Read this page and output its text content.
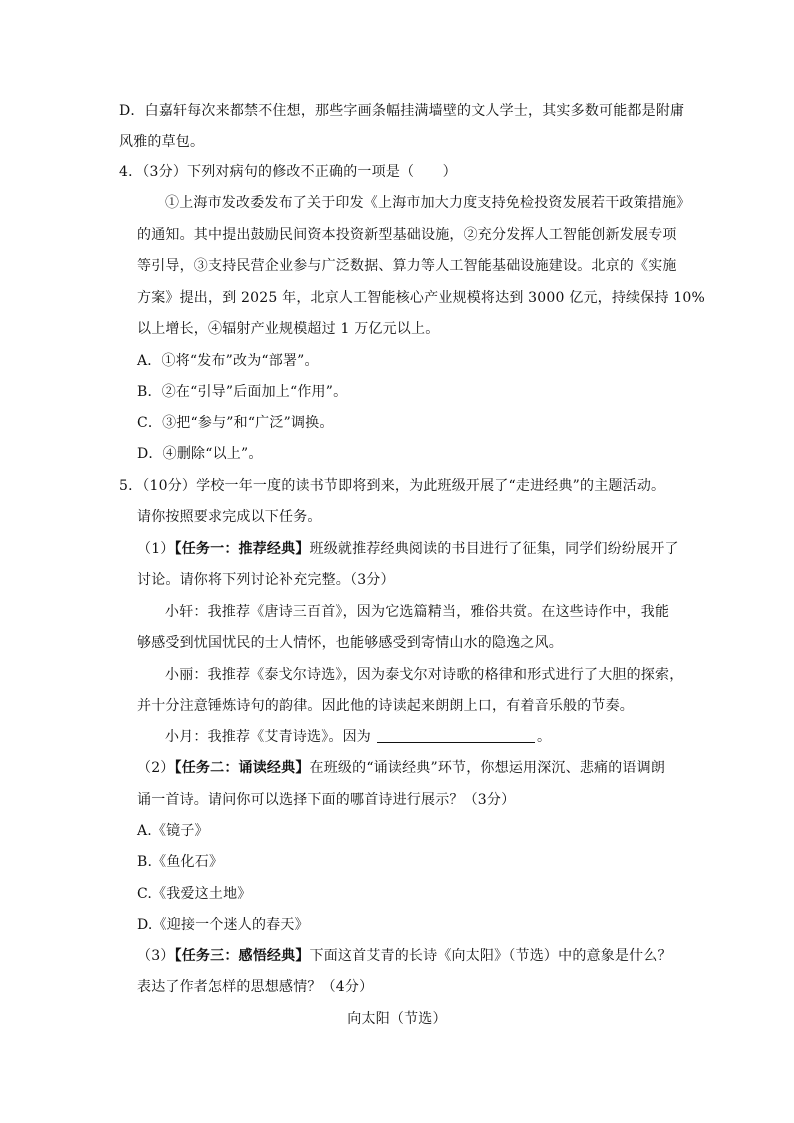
D．白嘉轩每次来都禁不住想，那些字画条幅挂满墙壁的文人学士，其实多数可能都是附庸
风雅的草包。
4．（3分）下列对病句的修改不正确的一项是（　　）
①上海市发改委发布了关于印发《上海市加大力度支持免检投资发展若干政策措施》
的通知。其中提出鼓励民间资本投资新型基础设施，②充分发挥人工智能创新发展专项
等引导，③支持民营企业参与广泛数据、算力等人工智能基础设施建设。北京的《实施
方案》提出，到 2025 年，北京人工智能核心产业规模将达到 3000 亿元，持续保持 10%
以上增长，④辐射产业规模超过 1 万亿元以上。
A．①将“发布”改为“部署”。
B．②在“引导”后面加上“作用”。
C．③把“参与”和“广泛”调换。
D．④删除“以上”。
5．（10分）学校一年一度的读书节即将到来，为此班级开展了“走进经典”的主题活动。
请你按照要求完成以下任务。
（1）【任务一：推荐经典】班级就推荐经典阅读的书目进行了征集，同学们纷纷展开了
讨论。请你将下列讨论补充完整。（3分）
小轩：我推荐《唐诗三百首》，因为它选篇精当，雅俗共赏。在这些诗作中，我能
够感受到忧国忧民的士人情怀，也能够感受到寄情山水的隐逸之风。
小丽：我推荐《泰戈尔诗选》，因为泰戈尔对诗歌的格律和形式进行了大胆的探索，
并十分注意锤炼诗句的韵律。因此他的诗读起来朗朗上口，有着音乐般的节奏。
小月：我推荐《艾青诗选》。因为	。
（2）【任务二：诵读经典】在班级的“诵读经典”环节，你想运用深沉、悲痛的语调朗
诵一首诗。请问你可以选择下面的哪首诗进行展示？（3分）
A.《镜子》
B.《鱼化石》
C.《我爱这土地》
D.《迎接一个迷人的春天》
（3）【任务三：感悟经典】下面这首艾青的长诗《向太阳》（节选）中的意象是什么？
表达了作者怎样的思想感情？（4分）
向太阳（节选）
